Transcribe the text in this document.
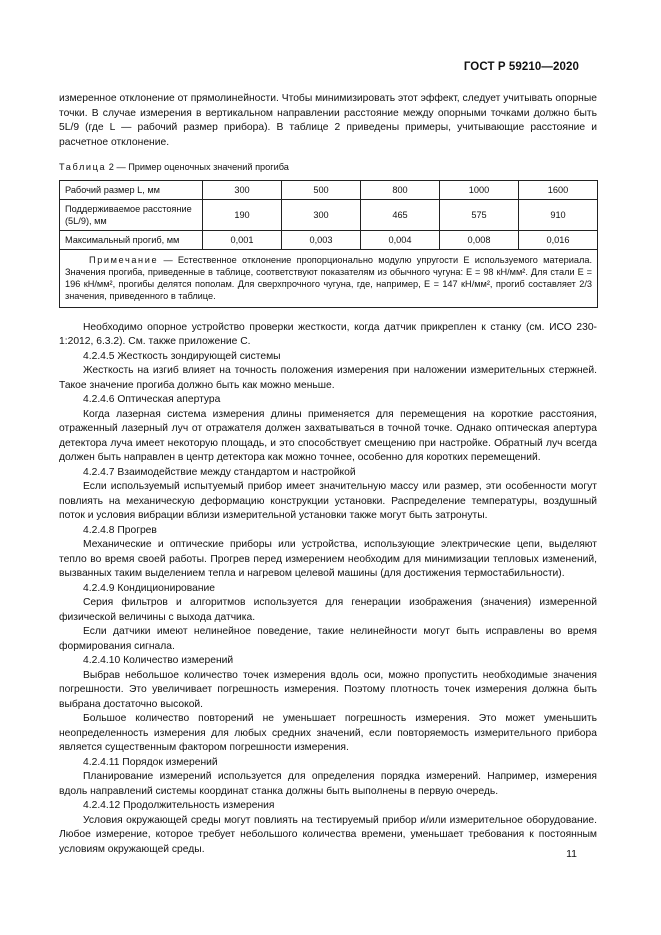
ГОСТ Р 59210—2020

измеренное отклонение от прямолинейности. Чтобы минимизировать этот эффект, следует учитывать опорные точки. В случае измерения в вертикальном направлении расстояние между опорными точками должно быть 5L/9 (где L — рабочий размер прибора). В таблице 2 приведены примеры, учитывающие расстояние и расчетное отклонение.

Таблица 2 — Пример оценочных значений прогиба
Рабочий размер L, мм	300	500	800	1000	1600
Поддерживаемое расстояние (5L/9), мм	190	300	465	575	910
Максимальный прогиб, мм	0,001	0,003	0,004	0,008	0,016
Примечание — Естественное отклонение пропорционально модулю упругости E используемого материала. Значения прогиба, приведенные в таблице, соответствуют показателям из обычного чугуна: E = 98 кН/мм². Для стали E = 196 кН/мм², прогибы делятся пополам. Для сверхпрочного чугуна, где, например, E = 147 кН/мм², прогиб составляет 2/3 значения, приведенного в таблице.					

Необходимо опорное устройство проверки жесткости, когда датчик прикреплен к станку (см. ИСО 230-1:2012, 6.3.2). См. также приложение С.

4.2.4.5 Жесткость зондирующей системы

Жесткость на изгиб влияет на точность положения измерения при наложении измерительных стержней. Такое значение прогиба должно быть как можно меньше.

4.2.4.6 Оптическая апертура

Когда лазерная система измерения длины применяется для перемещения на короткие расстояния, отраженный лазерный луч от отражателя должен захватываться в точной точке. Однако оптическая апертура детектора луча имеет некоторую площадь, и это способствует смещению при настройке. Обратный луч всегда должен быть направлен в центр детектора как можно точнее, особенно для коротких перемещений.

4.2.4.7 Взаимодействие между стандартом и настройкой

Если используемый испытуемый прибор имеет значительную массу или размер, эти особенности могут повлиять на механическую деформацию конструкции установки. Распределение температуры, воздушный поток и условия вибрации вблизи измерительной установки также могут быть затронуты.

4.2.4.8 Прогрев

Механические и оптические приборы или устройства, использующие электрические цепи, выделяют тепло во время своей работы. Прогрев перед измерением необходим для минимизации тепловых изменений, вызванных таким выделением тепла и нагревом целевой машины (для достижения термостабильности).

4.2.4.9 Кондиционирование

Серия фильтров и алгоритмов используется для генерации изображения (значения) измеренной физической величины с выхода датчика.

Если датчики имеют нелинейное поведение, такие нелинейности могут быть исправлены во время формирования сигнала.

4.2.4.10 Количество измерений

Выбрав небольшое количество точек измерения вдоль оси, можно пропустить необходимые значения погрешности. Это увеличивает погрешность измерения. Поэтому плотность точек измерения должна быть выбрана достаточно высокой.

Большое количество повторений не уменьшает погрешность измерения. Это может уменьшить неопределенность измерения для любых средних значений, если повторяемость измерительного прибора является существенным фактором погрешности измерения.

4.2.4.11 Порядок измерений

Планирование измерений используется для определения порядка измерений. Например, измерения вдоль направлений системы координат станка должны быть выполнены в первую очередь.

4.2.4.12 Продолжительность измерения

Условия окружающей среды могут повлиять на тестируемый прибор и/или измерительное оборудование. Любое измерение, которое требует небольшого количества времени, уменьшает требования к постоянным условиям окружающей среды.	11
